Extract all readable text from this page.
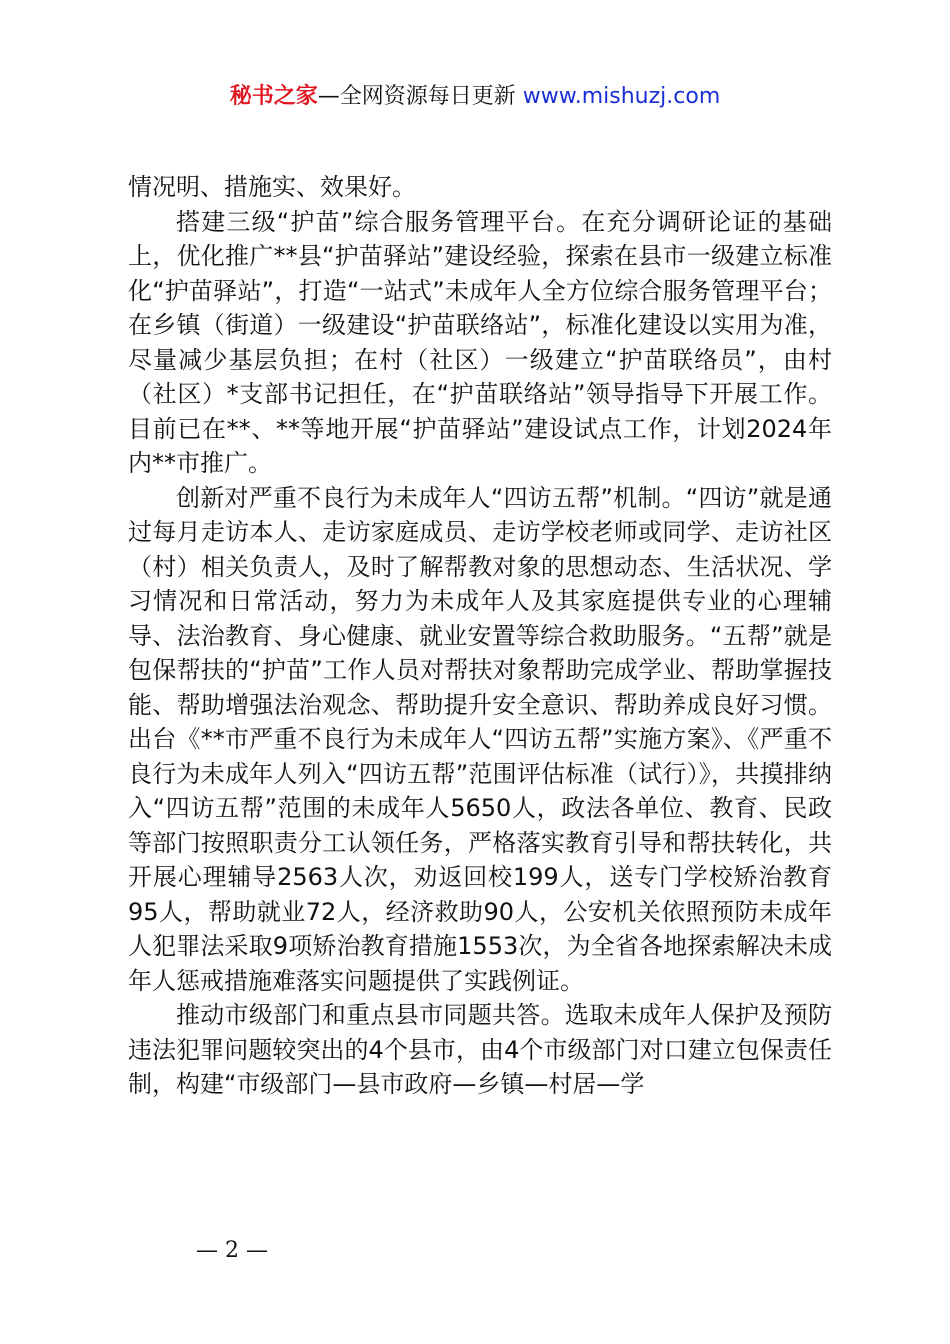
秘书之家—全网资源每日更新 www.mishuzj.com

情况明、措施实、效果好。

搭建三级“护苗”综合服务管理平台。在充分调研论证的基础上，优化推广**县“护苗驿站”建设经验，探索在县市一级建立标准化“护苗驿站”，打造“一站式”未成年人全方位综合服务管理平台；在乡镇（街道）一级建设“护苗联络站”，标准化建设以实用为准，尽量减少基层负担；在村（社区）一级建立“护苗联络员”，由村（社区）*支部书记担任，在“护苗联络站”领导指导下开展工作。目前已在**、**等地开展“护苗驿站”建设试点工作，计划2024年内**市推广。

创新对严重不良行为未成年人“四访五帮”机制。“四访”就是通过每月走访本人、走访家庭成员、走访学校老师或同学、走访社区（村）相关负责人，及时了解帮教对象的思想动态、生活状况、学习情况和日常活动，努力为未成年人及其家庭提供专业的心理辅导、法治教育、身心健康、就业安置等综合救助服务。“五帮”就是包保帮扶的“护苗”工作人员对帮扶对象帮助完成学业、帮助掌握技能、帮助增强法治观念、帮助提升安全意识、帮助养成良好习惯。出台《**市严重不良行为未成年人“四访五帮”实施方案》、《严重不良行为未成年人列入“四访五帮”范围评估标准（试行）》，共摸排纳入“四访五帮”范围的未成年人5650人，政法各单位、教育、民政等部门按照职责分工认领任务，严格落实教育引导和帮扶转化，共开展心理辅导2563人次，劝返回校199人，送专门学校矫治教育95人，帮助就业72人，经济救助90人，公安机关依照预防未成年人犯罪法采取9项矫治教育措施1553次，为全省各地探索解决未成年人惩戒措施难落实问题提供了实践例证。

推动市级部门和重点县市同题共答。选取未成年人保护及预防违法犯罪问题较突出的4个县市，由4个市级部门对口建立包保责任制，构建“市级部门—县市政府—乡镇—村居—学

— 2 —
